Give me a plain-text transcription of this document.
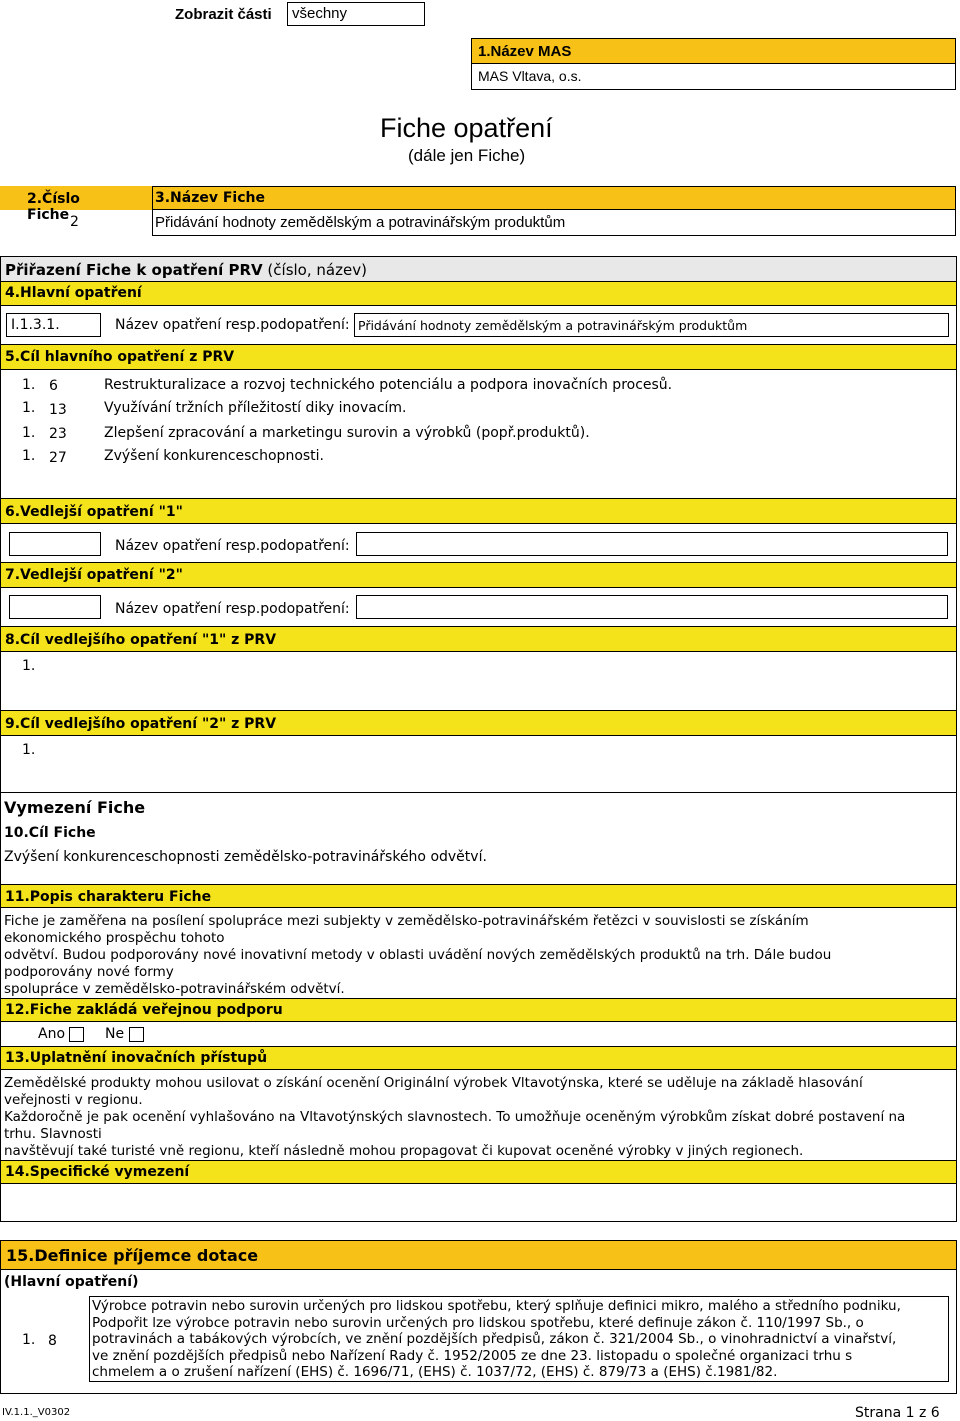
Zobrazit části	všechny
1.Název MAS
MAS Vltava, o.s.
Fiche opatření
(dále jen Fiche)
2.Číslo Fiche
3.Název Fiche
2	Přidávání hodnoty zemědělským a potravinářským produktům
Přiřazení Fiche k opatření PRV (číslo, název)
4.Hlavní opatření
I.1.3.1.	Název opatření resp.podopatření: Přidávání hodnoty zemědělským a potravinářským produktům
5.Cíl hlavního opatření z PRV
1. 6	Restrukturalizace a rozvoj technického potenciálu a podpora inovačních procesů.
1. 13	Využívání tržních příležitostí diky inovacím.
1. 23	Zlepšení zpracování a marketingu surovin a výrobků (popř.produktů).
1. 27	Zvýšení konkurenceschopnosti.
6.Vedlejší opatření "1"
Název opatření resp.podopatření:
7.Vedlejší opatření "2"
Název opatření resp.podopatření:
8.Cíl vedlejšího opatření "1" z PRV
1.
9.Cíl vedlejšího opatření "2" z PRV
1.
Vymezení Fiche
10.Cíl Fiche
Zvýšení konkurenceschopnosti zemědělsko-potravinářského odvětví.
11.Popis charakteru Fiche
Fiche je zaměřena na posílení spolupráce mezi subjekty v zemědělsko-potravinářském řetězci v souvislosti se získáním
ekonomického prospěchu tohoto
odvětví. Budou podporovány nové inovativní metody v oblasti uvádění nových zemědělských produktů na trh. Dále budou
podporovány nové formy
spolupráce v zemědělsko-potravinářském odvětví.
12.Fiche zakládá veřejnou podporu
Ano	Ne
13.Uplatnění inovačních přístupů
Zemědělské produkty mohou usilovat o získání ocenění Originální výrobek Vltavotýnska, které se uděluje na základě hlasování
veřejnosti v regionu.
Každoročně je pak ocenění vyhlašováno na Vltavotýnských slavnostech. To umožňuje oceněným výrobkům získat dobré postavení na
trhu. Slavnosti
navštěvují také turisté vně regionu, kteří následně mohou propagovat či kupovat oceněné výrobky v jiných regionech.
14.Specifické vymezení
15.Definice příjemce dotace
(Hlavní opatření)
1. 8
Výrobce potravin nebo surovin určených pro lidskou spotřebu, který splňuje definici mikro, malého a středního podniku,
Podpořit lze výrobce potravin nebo surovin určených pro lidskou spotřebu, které definuje zákon č. 110/1997 Sb., o
potravinách a tabákových výrobcích, ve znění pozdějších předpisů, zákon č. 321/2004 Sb., o vinohradnictví a vinařství,
ve znění pozdějších předpisů nebo Nařízení Rady č. 1952/2005 ze dne 23. listopadu o společné organizaci trhu s
chmelem a o zrušení nařízení (EHS) č. 1696/71, (EHS) č. 1037/72, (EHS) č. 879/73 a (EHS) č.1981/82.
IV.1.1._V0302	Strana 1 z 6
